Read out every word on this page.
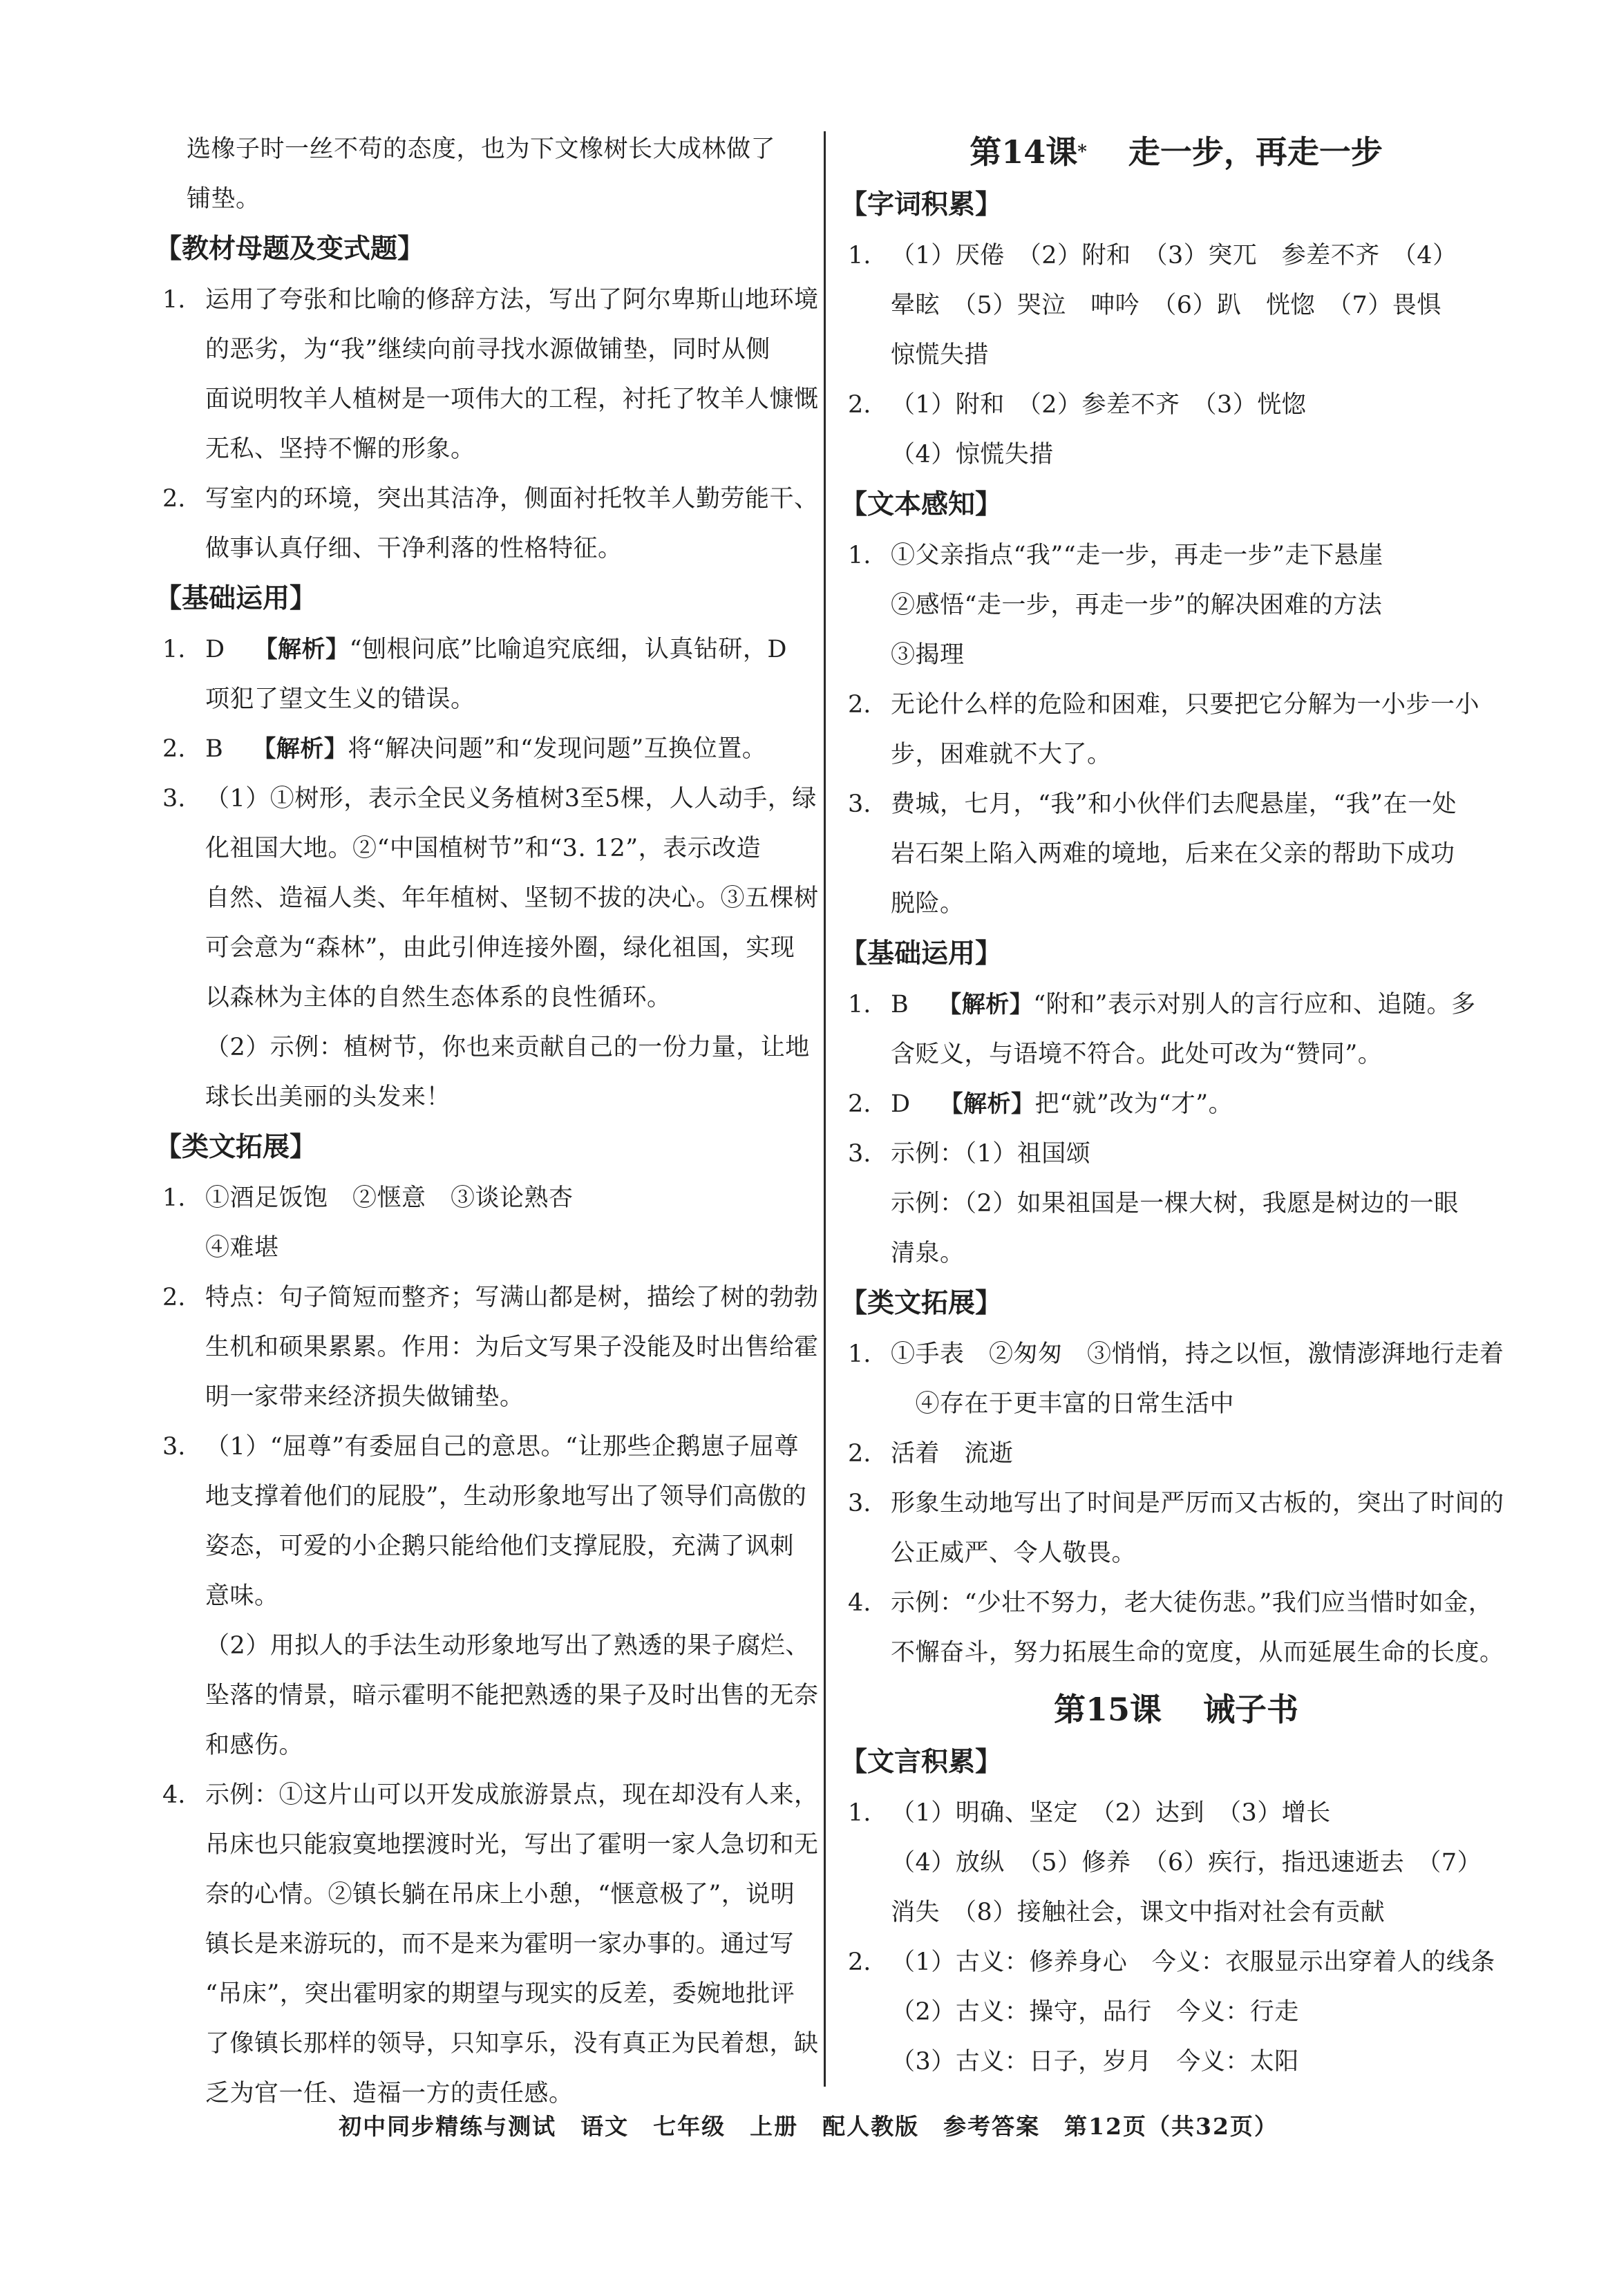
选橡子时一丝不苟的态度，也为下文橡树长大成林做了
铺垫。
【教材母题及变式题】
运用了夸张和比喻的修辞方法，写出了阿尔卑斯山地环境
的恶劣，为“我”继续向前寻找水源做铺垫，同时从侧
面说明牧羊人植树是一项伟大的工程，衬托了牧羊人慷慨
无私、坚持不懈的形象。
1.
写室内的环境，突出其洁净，侧面衬托牧羊人勤劳能干、
做事认真仔细、干净利落的性格特征。
2.
【基础运用】
D 【解析】“刨根问底”比喻追究底细，认真钻研，D
项犯了望文生义的错误。
1.
B 【解析】将“解决问题”和“发现问题”互换位置。
2.
（1）①树形，表示全民义务植树3至5棵，人人动手，绿
化祖国大地。②“中国植树节”和“3. 12”，表示改造
自然、造福人类、年年植树、坚韧不拔的决心。③五棵树
可会意为“森林”，由此引伸连接外圈，绿化祖国，实现
以森林为主体的自然生态体系的良性循环。
（2）示例：植树节，你也来贡献自己的一份力量，让地
球长出美丽的头发来！
3.
【类文拓展】
①酒足饭饱　②惬意　③谈论熟杏
④难堪
1.
特点：句子简短而整齐；写满山都是树，描绘了树的勃勃
生机和硕果累累。作用：为后文写果子没能及时出售给霍
明一家带来经济损失做铺垫。
2.
（1）“屈尊”有委屈自己的意思。“让那些企鹅崽子屈尊
地支撑着他们的屁股”，生动形象地写出了领导们高傲的
姿态，可爱的小企鹅只能给他们支撑屁股，充满了讽刺
意味。
（2）用拟人的手法生动形象地写出了熟透的果子腐烂、
坠落的情景，暗示霍明不能把熟透的果子及时出售的无奈
和感伤。
3.
示例：①这片山可以开发成旅游景点，现在却没有人来，
吊床也只能寂寞地摆渡时光，写出了霍明一家人急切和无
奈的心情。②镇长躺在吊床上小憩，“惬意极了”，说明
镇长是来游玩的，而不是来为霍明一家办事的。通过写
“吊床”，突出霍明家的期望与现实的反差，委婉地批评
了像镇长那样的领导，只知享乐，没有真正为民着想，缺
乏为官一任、造福一方的责任感。
4.
第14课* 走一步，再走一步
【字词积累】
（1）厌倦　（2）附和　（3）突兀　参差不齐　（4）
晕眩　（5）哭泣　呻吟　（6）趴　恍惚　（7）畏惧
惊慌失措
1.
（1）附和　（2）参差不齐　（3）恍惚
（4）惊慌失措
2.
【文本感知】
①父亲指点“我”“走一步，再走一步”走下悬崖
②感悟“走一步，再走一步”的解决困难的方法
③揭理
1.
无论什么样的危险和困难，只要把它分解为一小步一小
步，困难就不大了。
2.
费城，七月，“我”和小伙伴们去爬悬崖，“我”在一处
岩石架上陷入两难的境地，后来在父亲的帮助下成功
脱险。
3.
【基础运用】
B 【解析】“附和”表示对别人的言行应和、追随。多
含贬义，与语境不符合。此处可改为“赞同”。
1.
D 【解析】把“就”改为“才”。
2.
示例：（1）祖国颂
示例：（2）如果祖国是一棵大树，我愿是树边的一眼
清泉。
3.
【类文拓展】
①手表　②匆匆　③悄悄，持之以恒，激情澎湃地行走着
　④存在于更丰富的日常生活中
1.
活着　流逝
2.
形象生动地写出了时间是严厉而又古板的，突出了时间的
公正威严、令人敬畏。
3.
示例：“少壮不努力，老大徒伤悲。”我们应当惜时如金，
不懈奋斗，努力拓展生命的宽度，从而延展生命的长度。
4.
第15课 诫子书
【文言积累】
（1）明确、坚定　（2）达到　（3）增长
（4）放纵　（5）修养　（6）疾行，指迅速逝去　（7）
消失　（8）接触社会，课文中指对社会有贡献
1.
（1）古义：修养身心　今义：衣服显示出穿着人的线条
（2）古义：操守，品行　今义：行走
（3）古义：日子，岁月　今义：太阳
2.
初中同步精练与测试　语文　七年级　上册　配人教版　参考答案　第12页（共32页）
